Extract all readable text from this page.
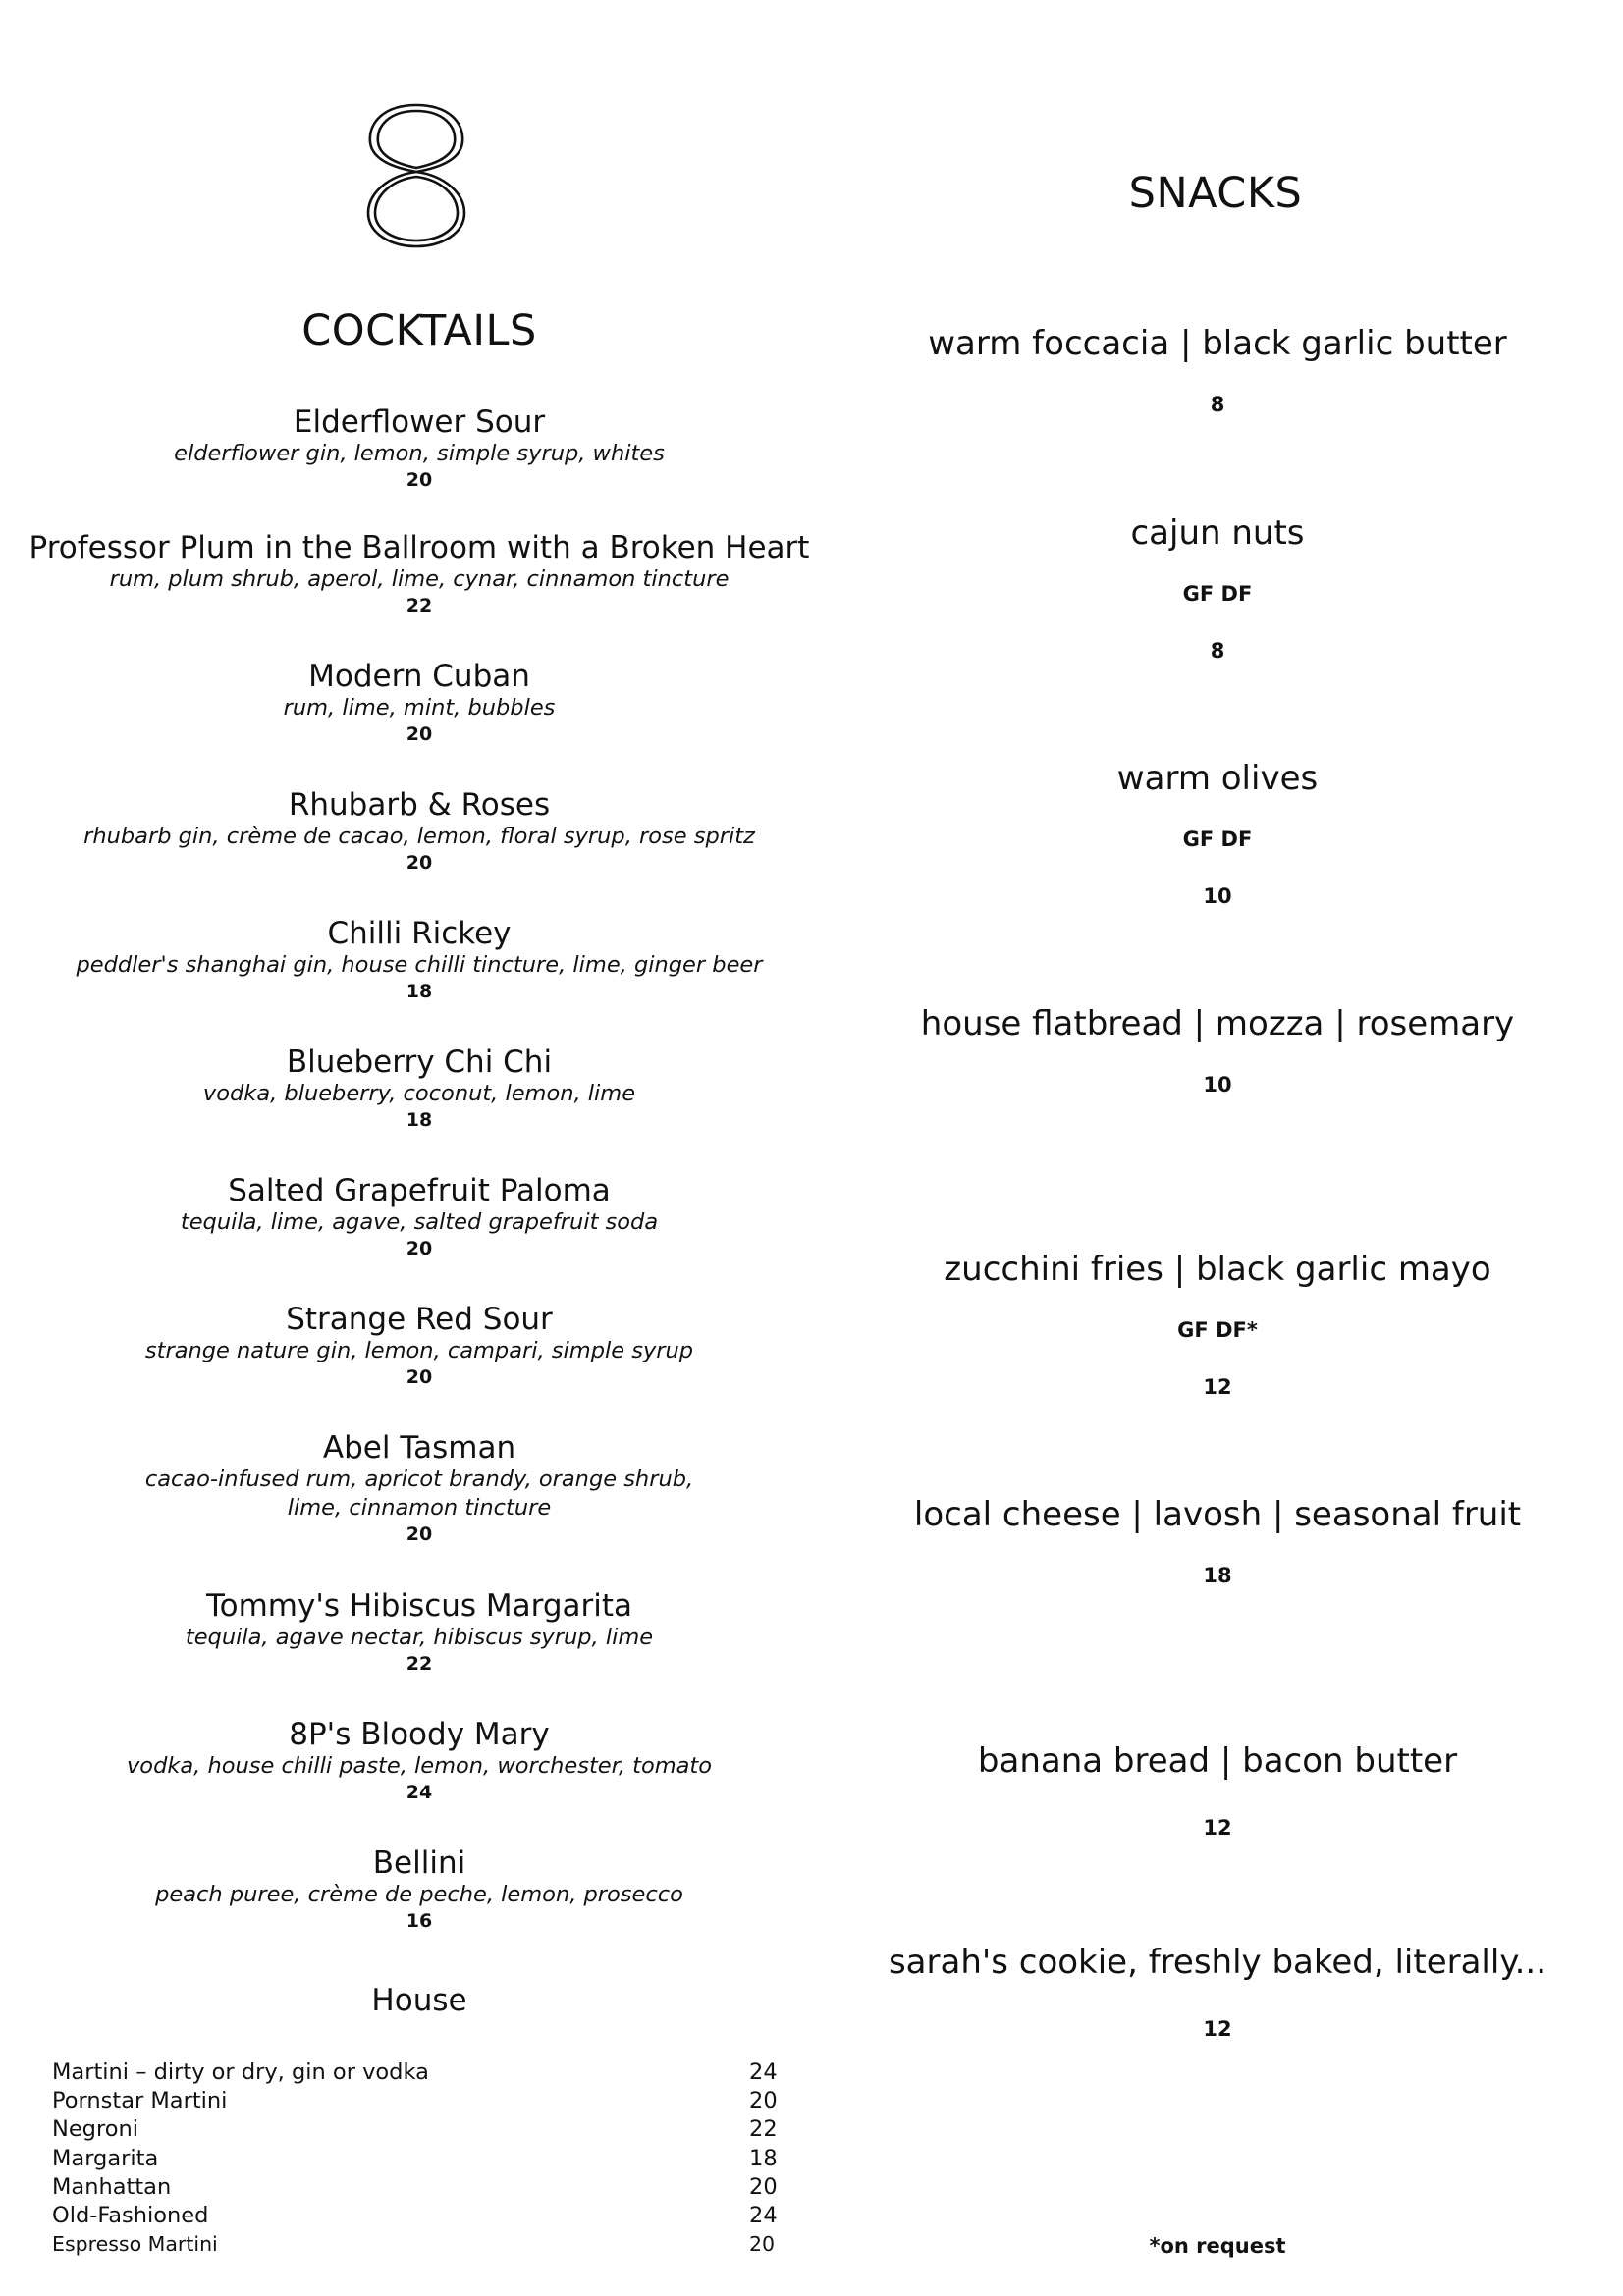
COCKTAILS
SNACKS
Elderflower Sour
elderflower gin, lemon, simple syrup, whites
20
Professor Plum in the Ballroom with a Broken Heart
rum, plum shrub, aperol, lime, cynar, cinnamon tincture
22
Modern Cuban
rum, lime, mint, bubbles
20
Rhubarb & Roses
rhubarb gin, crème de cacao, lemon, floral syrup, rose spritz
20
Chilli Rickey
peddler's shanghai gin, house chilli tincture, lime, ginger beer
18
Blueberry Chi Chi
vodka, blueberry, coconut, lemon, lime
18
Salted Grapefruit Paloma
tequila, lime, agave, salted grapefruit soda
20
Strange Red Sour
strange nature gin, lemon, campari, simple syrup
20
Abel Tasman
cacao-infused rum, apricot brandy, orange shrub,
lime, cinnamon tincture
20
Tommy's Hibiscus Margarita
tequila, agave nectar, hibiscus syrup, lime
22
8P's Bloody Mary
vodka, house chilli paste, lemon, worchester, tomato
24
Bellini
peach puree, crème de peche, lemon, prosecco
16
House
Martini – dirty or dry, gin or vodka	24
Pornstar Martini	20
Negroni	22
Margarita	18
Manhattan	20
Old-Fashioned	24
Espresso Martini	20
warm foccacia | black garlic butter
8
cajun nuts
GF DF
8
warm olives
GF DF
10
house flatbread | mozza | rosemary
10
zucchini fries | black garlic mayo
GF DF*
12
local cheese | lavosh | seasonal fruit
18
banana bread | bacon butter
12
sarah's cookie, freshly baked, literally...
12
*on request
